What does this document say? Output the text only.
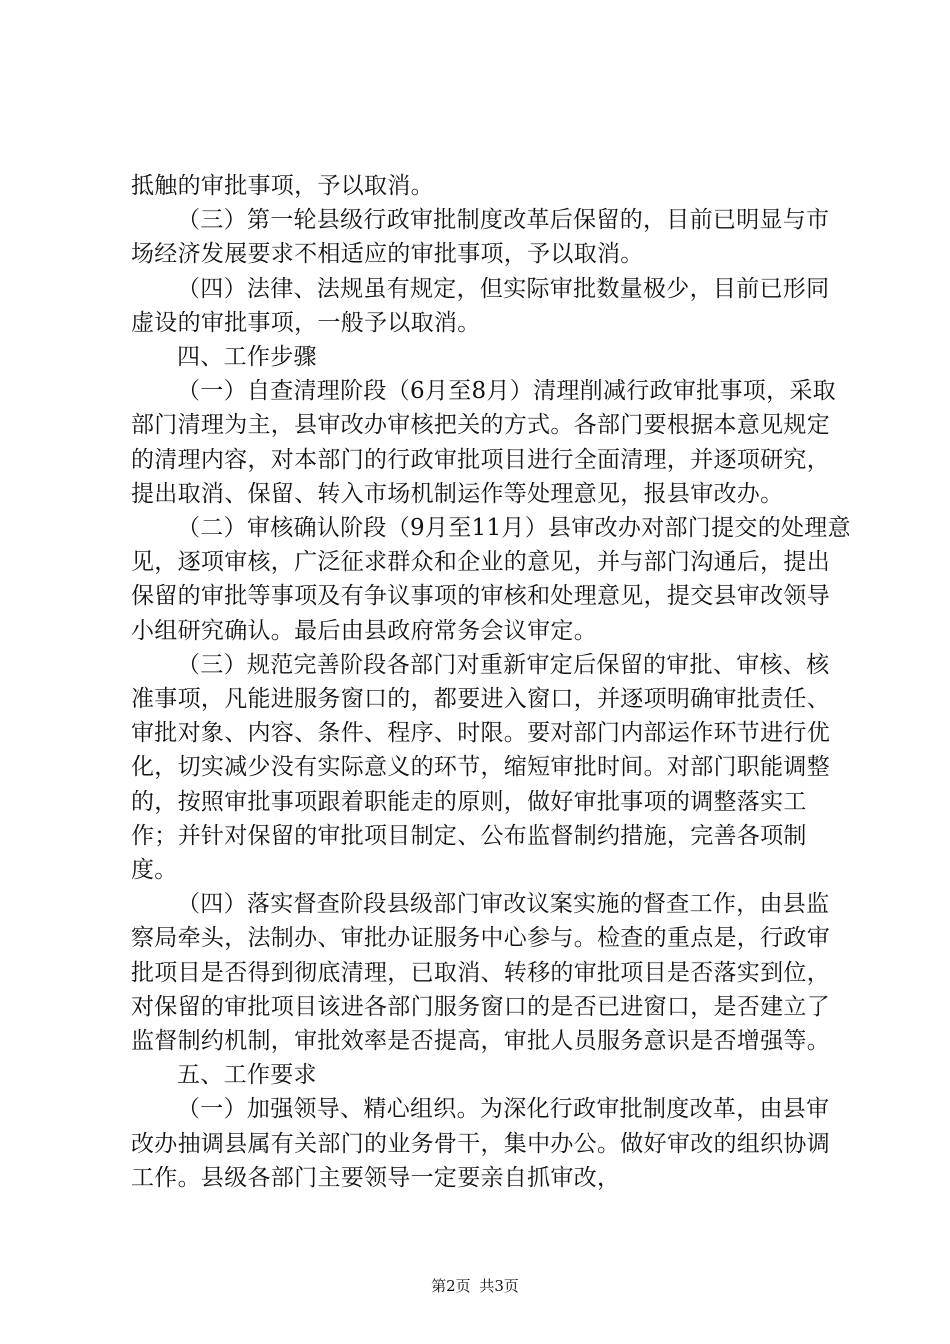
抵触的审批事项，予以取消。

（三）第一轮县级行政审批制度改革后保留的，目前已明显与市场经济发展要求不相适应的审批事项，予以取消。

（四）法律、法规虽有规定，但实际审批数量极少，目前已形同虚设的审批事项，一般予以取消。

四、工作步骤

（一）自查清理阶段（6月至8月）清理削减行政审批事项，采取部门清理为主，县审改办审核把关的方式。各部门要根据本意见规定的清理内容，对本部门的行政审批项目进行全面清理，并逐项研究，提出取消、保留、转入市场机制运作等处理意见，报县审改办。

（二）审核确认阶段（9月至11月）县审改办对部门提交的处理意见，逐项审核，广泛征求群众和企业的意见，并与部门沟通后，提出保留的审批等事项及有争议事项的审核和处理意见，提交县审改领导小组研究确认。最后由县政府常务会议审定。

（三）规范完善阶段各部门对重新审定后保留的审批、审核、核准事项，凡能进服务窗口的，都要进入窗口，并逐项明确审批责任、审批对象、内容、条件、程序、时限。要对部门内部运作环节进行优化，切实减少没有实际意义的环节，缩短审批时间。对部门职能调整的，按照审批事项跟着职能走的原则，做好审批事项的调整落实工作；并针对保留的审批项目制定、公布监督制约措施，完善各项制度。

（四）落实督查阶段县级部门审改议案实施的督查工作，由县监察局牵头，法制办、审批办证服务中心参与。检查的重点是，行政审批项目是否得到彻底清理，已取消、转移的审批项目是否落实到位，对保留的审批项目该进各部门服务窗口的是否已进窗口，是否建立了监督制约机制，审批效率是否提高，审批人员服务意识是否增强等。

五、工作要求

（一）加强领导、精心组织。为深化行政审批制度改革，由县审改办抽调县属有关部门的业务骨干，集中办公。做好审改的组织协调工作。县级各部门主要领导一定要亲自抓审改，

第2页 共3页
